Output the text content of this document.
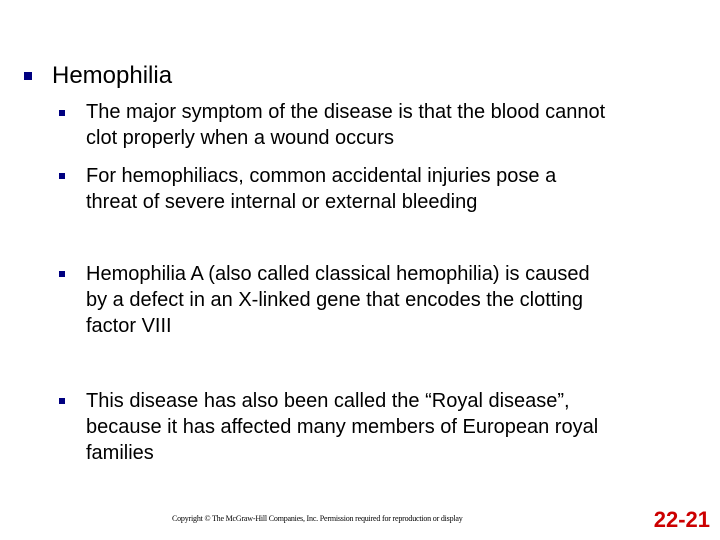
Hemophilia
The major symptom of the disease is that the blood cannot
clot properly when a wound occurs
For hemophiliacs, common accidental injuries pose a
threat of severe internal or external bleeding
Hemophilia A (also called classical hemophilia) is caused
by a defect in an X-linked gene that encodes the clotting
factor VIII
This disease has also been called the “Royal disease”,
because it has affected many members of European royal
families
Copyright © The McGraw-Hill Companies, Inc. Permission required for reproduction or display	22-21
